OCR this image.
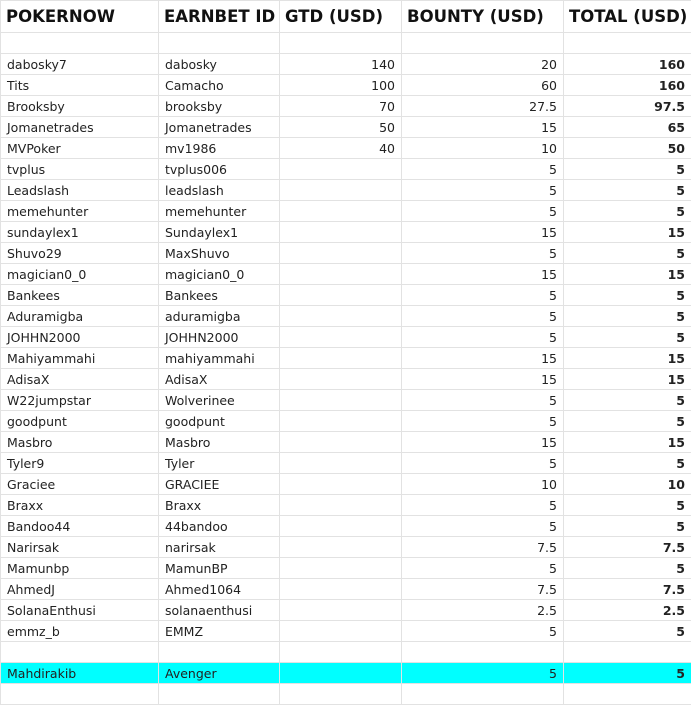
POKERNOW	EARNBET ID	GTD (USD)	BOUNTY (USD)	TOTAL (USD)

dabosky7	dabosky	140	20	160
Tits	Camacho	100	60	160
Brooksby	brooksby	70	27.5	97.5
Jomanetrades	Jomanetrades	50	15	65
MVPoker	mv1986	40	10	50
tvplus	tvplus006		5	5
Leadslash	leadslash		5	5
memehunter	memehunter		5	5
sundaylex1	Sundaylex1		15	15
Shuvo29	MaxShuvo		5	5
magician0_0	magician0_0		15	15
Bankees	Bankees		5	5
Aduramigba	aduramigba		5	5
JOHHN2000	JOHHN2000		5	5
Mahiyammahi	mahiyammahi		15	15
AdisaX	AdisaX		15	15
W22jumpstar	Wolverinee		5	5
goodpunt	goodpunt		5	5
Masbro	Masbro		15	15
Tyler9	Tyler		5	5
Graciee	GRACIEE		10	10
Braxx	Braxx		5	5
Bandoo44	44bandoo		5	5
Narirsak	narirsak		7.5	7.5
Mamunbp	MamunBP		5	5
AhmedJ	Ahmed1064		7.5	7.5
SolanaEnthusi	solanaenthusi		2.5	2.5
emmz_b	EMMZ		5	5

Mahdirakib	Avenger		5	5
